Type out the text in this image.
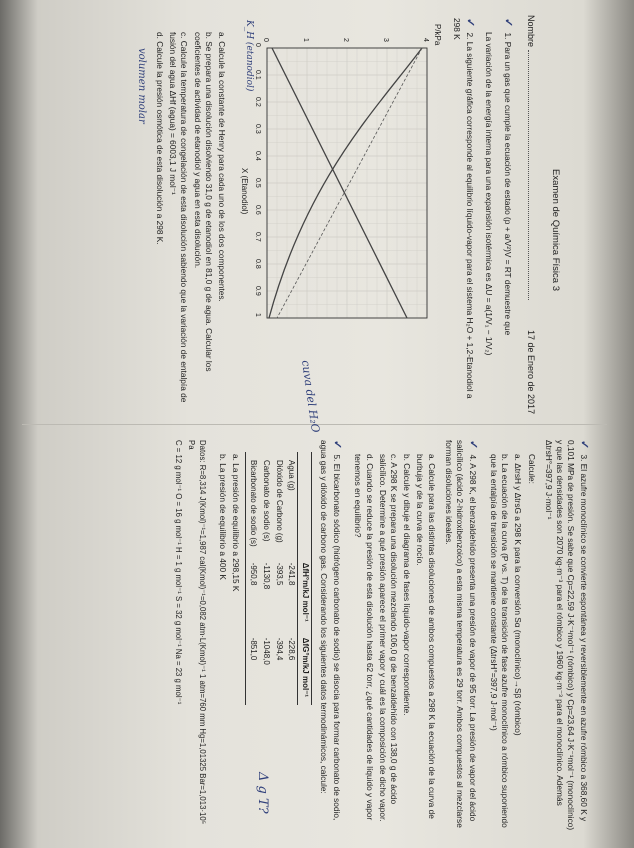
Examen de Química Física 3
Nombre
17 de Enero de 2017
✓ 1. Para un gas que cumple la ecuación de estado (p + a/V²)V = RT demuestre que
La variación de la energía interna para una expansión isotérmica es ΔU = a(1/V₁ − 1/V₂)
✓ 2. La siguiente gráfica corresponde al equilibrio líquido-vapor para el sistema H₂O + 1,2-Etanodiol a 298 K
0
0.1
0.2
0.3
0.4
0.5
0.6
0.7
0.8
0.9
1
0	1	2	3	4 P/kPa
X (Etanodiol)
a. Calcule la constante de Henry para cada uno de los dos componentes.
b. Se prepara una disolución disolviendo 31,0 g de etanodiol en 81,0 g de agua. Calcular los coeficientes de actividad de etanodiol y agua en esta disolución.
c. Calcule la temperatura de congelación de esta disolución sabiendo que la variación de entalpía de fusión del agua ΔHf (agua) = 6003,1 J mol⁻¹
d. Calcule la presión osmótica de esta disolución a 298 K.
volumen molar
cuva del H₂O
K_H (etanodiol)
✓ 3. El azufre monoclínico se convierte espontánea y reversiblemente en azufre rómbico a 368,60 K y 0,101 MPa de presión. Se sabe que Cp=22,59 J·K⁻¹mol⁻¹ (rómbico) y Cp=23,64 J·K⁻¹mol⁻¹ (monoclínico) y que las densidades son 2070 kg·m⁻³ para el rómbico y 1960 kg·m⁻³ para el monoclínico. Además ΔtrsH°=397,9 J·mol⁻¹
Calcule:
a. ΔtrsH y ΔtrsG a 298 K para la conversión Sα (monoclínico)→Sβ (rómbico)
b. La ecuación de la curva (P vs. T) de la transición de fase azufre monoclínico a rómbico suponiendo que la entalpía de transición se mantiene constante (ΔtrsH°=397,9 J·mol⁻¹)
✓ 4. A 298 K, el benzaldehído presenta una presión de vapor de 95 torr. La presión de vapor del ácido salicílico (ácido 2-hidroxibenzoico) a esta misma temperatura es 29 torr. Ambos compuestos al mezclarse forman disoluciones ideales.
a. Calcule para las distintas disoluciones de ambos compuestos a 298 K la ecuación de la curva de burbuja y de la curva de rocío.
b. Calcule y dibuje el diagrama de fases líquido-vapor correspondiente.
c. A 298 K se prepara una disolución mezclando 106,0 g de benzaldehído con 138,0 g de ácido salicílico. Determine a qué presión aparece el primer vapor y cuál es la composición de dicho vapor.
d. Cuando se reduce la presión de esta disolución hasta 62 torr, ¿qué cantidades de líquido y vapor tenemos en equilibrio?
✓ 5. El bicarbonato sódico (hidrógeno carbonato de sodio) se disocia para formar carbonato de sodio, agua gas y dióxido de carbono gas. Considerando los siguientes datos termodinámicos, calcule:
	ΔfH°m/kJ mol⁻¹	ΔfG°m/kJ mol⁻¹
Agua (g)	-241,8	-228,6
Dióxido de Carbono (g)	-393,5	-394,4
Carbonato de sodio (s)	-1130,8	-1048,0
Bicarbonato de sodio (s)	-950,8	-851,0
a. La presión de equilibrio a 298,15 K
b. La presión de equilibrio a 400 K
Datos: R=8,314 J(Kmol)⁻¹=1,987 cal(Kmol)⁻¹=0,082 atm·L(Kmol)⁻¹ 1 atm=760 mm Hg=1,01325 Bar=1,013·10⁵ Pa
C = 12 g mol⁻¹ O = 16 g mol⁻¹ H = 1 g mol⁻¹ S = 32 g mol⁻¹ Na = 23 g mol⁻¹
Δ g T?
